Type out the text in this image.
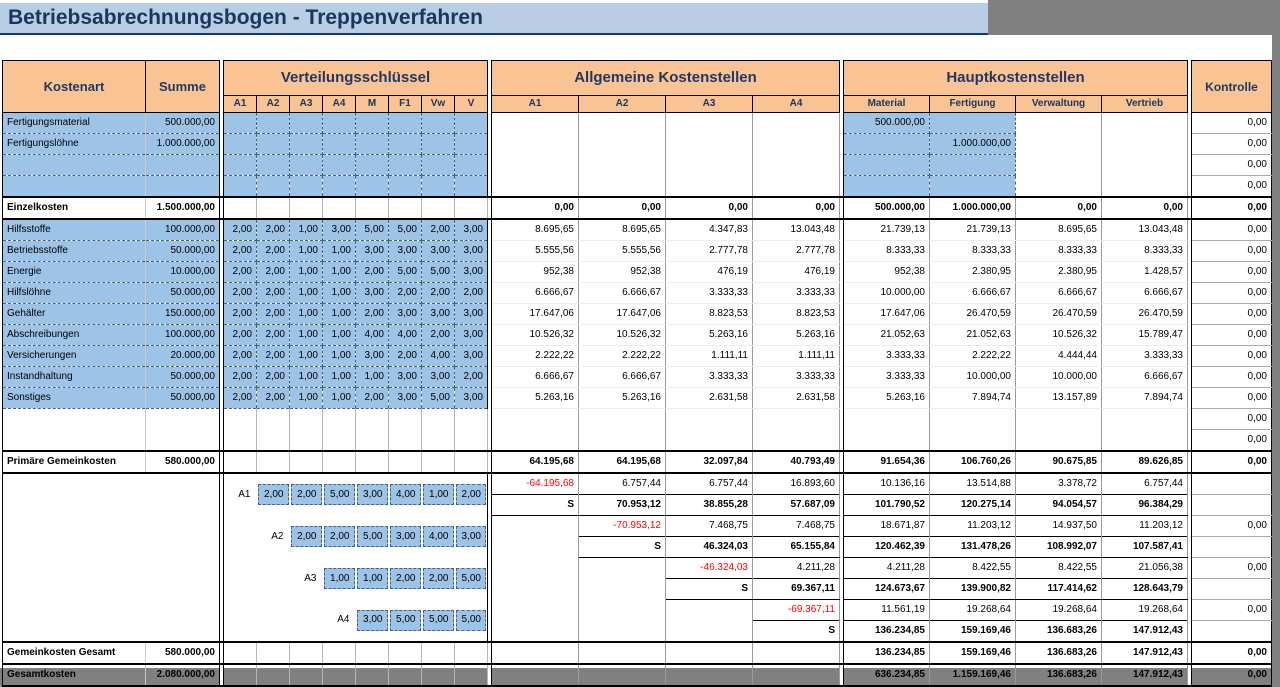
Betriebsabrechnungsbogen - Treppenverfahren
Kostenart	Summe		Verteilungsschlüssel									Allgemeine Kostenstellen					Hauptkostenstellen					Kontrolle
			A1	A2	A3	A4	M	F1	Vw	V		A1	A2	A3	A4		Material	Fertigung	Verwaltung	Vertrieb		
Fertigungsmaterial	500.000,00																500.000,00					0,00
Fertigungslöhne	1.000.000,00																	1.000.000,00				0,00
																						0,00
																						0,00
Einzelkosten	1.500.000,00											0,00	0,00	0,00	0,00		500.000,00	1.000.000,00	0,00	0,00		0,00
Hilfsstoffe	100.000,00		2,00	2,00	1,00	3,00	5,00	5,00	2,00	3,00		8.695,65	8.695,65	4.347,83	13.043,48		21.739,13	21.739,13	8.695,65	13.043,48		0,00
Betriebsstoffe	50.000,00		2,00	2,00	1,00	1,00	3,00	3,00	3,00	3,00		5.555,56	5.555,56	2.777,78	2.777,78		8.333,33	8.333,33	8.333,33	8.333,33		0,00
Energie	10.000,00		2,00	2,00	1,00	1,00	2,00	5,00	5,00	3,00		952,38	952,38	476,19	476,19		952,38	2.380,95	2.380,95	1.428,57		0,00
Hilfslöhne	50.000,00		2,00	2,00	1,00	1,00	3,00	2,00	2,00	2,00		6.666,67	6.666,67	3.333,33	3.333,33		10.000,00	6.666,67	6.666,67	6.666,67		0,00
Gehälter	150.000,00		2,00	2,00	1,00	1,00	2,00	3,00	3,00	3,00		17.647,06	17.647,06	8.823,53	8.823,53		17.647,06	26.470,59	26.470,59	26.470,59		0,00
Abschreibungen	100.000,00		2,00	2,00	1,00	1,00	4,00	4,00	2,00	3,00		10.526,32	10.526,32	5.263,16	5.263,16		21.052,63	21.052,63	10.526,32	15.789,47		0,00
Versicherungen	20.000,00		2,00	2,00	1,00	1,00	3,00	2,00	4,00	3,00		2.222,22	2.222,22	1.111,11	1.111,11		3.333,33	2.222,22	4.444,44	3.333,33		0,00
Instandhaltung	50.000,00		2,00	2,00	1,00	1,00	1,00	3,00	3,00	2,00		6.666,67	6.666,67	3.333,33	3.333,33		3.333,33	10.000,00	10.000,00	6.666,67		0,00
Sonstiges	50.000,00		2,00	2,00	1,00	1,00	2,00	3,00	5,00	3,00		5.263,16	5.263,16	2.631,58	2.631,58		5.263,16	7.894,74	13.157,89	7.894,74		0,00
																						0,00
																						0,00
Primäre Gemeinkosten	580.000,00											64.195,68	64.195,68	32.097,84	40.793,49		91.654,36	106.760,26	90.675,85	89.626,85		0,00
			A1	2,00	2,00	5,00	3,00	4,00	1,00	2,00		-64.195,68	6.757,44	6.757,44	16.893,60		10.136,16	13.514,88	3.378,72	6.757,44		
												S	70.953,12	38.855,28	57.687,09		101.790,52	120.275,14	94.054,57	96.384,29		
				A2	2,00	2,00	5,00	3,00	4,00	3,00			-70.953,12	7.468,75	7.468,75		18.671,87	11.203,12	14.937,50	11.203,12		0,00
													S	46.324,03	65.155,84		120.462,39	131.478,26	108.992,07	107.587,41		
					A3	1,00	1,00	2,00	2,00	5,00				-46.324,03	4.211,28		4.211,28	8.422,55	8.422,55	21.056,38		0,00
														S	69.367,11		124.673,67	139.900,82	117.414,62	128.643,79		
						A4	3,00	5,00	5,00	5,00					-69.367,11		11.561,19	19.268,64	19.268,64	19.268,64		0,00
															S		136.234,85	159.169,46	136.683,26	147.912,43		
Gemeinkosten Gesamt	580.000,00																136.234,85	159.169,46	136.683,26	147.912,43		0,00
Gesamtkosten	2.080.000,00																636.234,85	1.159.169,46	136.683,26	147.912,43		0,00
